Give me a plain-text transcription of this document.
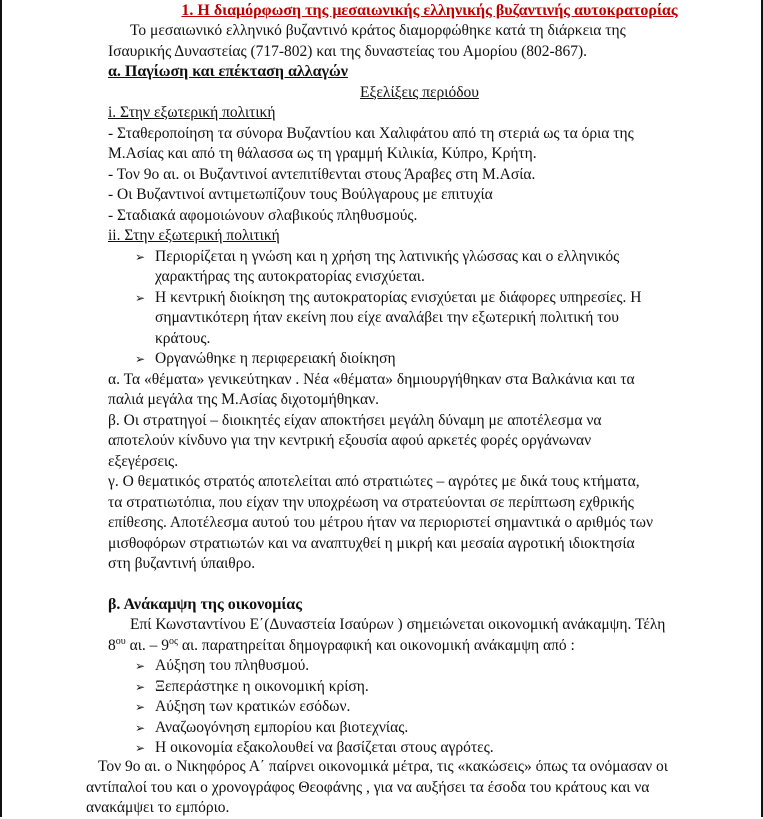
1. Η διαμόρφωση της μεσαιωνικής ελληνικής βυζαντινής αυτοκρατορίας

Το μεσαιωνικό ελληνικό βυζαντινό κράτος διαμορφώθηκε κατά τη διάρκεια της

Ισαυρικής Δυναστείας (717-802) και της δυναστείας του Αμορίου (802-867).

α. Παγίωση και επέκταση αλλαγών
Εξελίξεις περιόδου
i. Στην εξωτερική πολιτική

- Σταθεροποίηση τα σύνορα Βυζαντίου και Χαλιφάτου από τη στεριά ως τα όρια της

Μ.Ασίας και από τη θάλασσα ως τη γραμμή Κιλικία, Κύπρο, Κρήτη.

- Τον 9ο αι. οι Βυζαντινοί αντεπιτίθενται στους Άραβες στη Μ.Ασία.

- Οι Βυζαντινοί αντιμετωπίζουν τους Βούλγαρους με επιτυχία

- Σταδιακά αφομοιώνουν σλαβικούς πληθυσμούς.

ii. Στην εξωτερική πολιτική
➢ Περιορίζεται η γνώση και η χρήση της λατινικής γλώσσας και ο ελληνικός
χαρακτήρας της αυτοκρατορίας ενισχύεται.
➢ Η κεντρική διοίκηση της αυτοκρατορίας ενισχύεται με διάφορες υπηρεσίες. Η
σημαντικότερη ήταν εκείνη που είχε αναλάβει την εξωτερική πολιτική του
κράτους.
➢ Οργανώθηκε η περιφερειακή διοίκηση

α. Τα «θέματα» γενικεύτηκαν . Νέα «θέματα» δημιουργήθηκαν στα Βαλκάνια και τα

παλιά μεγάλα της Μ.Ασίας διχοτομήθηκαν.

β. Οι στρατηγοί – διοικητές είχαν αποκτήσει μεγάλη δύναμη με αποτέλεσμα να

αποτελούν κίνδυνο για την κεντρική εξουσία αφού αρκετές φορές οργάνωναν

εξεγέρσεις.

γ. Ο θεματικός στρατός αποτελείται από στρατιώτες – αγρότες με δικά τους κτήματα,

τα στρατιωτόπια, που είχαν την υποχρέωση να στρατεύονται σε περίπτωση εχθρικής

επίθεσης. Αποτέλεσμα αυτού του μέτρου ήταν να περιοριστεί σημαντικά ο αριθμός των

μισθοφόρων στρατιωτών και να αναπτυχθεί η μικρή και μεσαία αγροτική ιδιοκτησία

στη βυζαντινή ύπαιθρο.

β. Ανάκαμψη της οικονομίας

Επί Κωνσταντίνου Ε΄(Δυναστεία Ισαύρων ) σημειώνεται οικονομική ανάκαμψη. Τέλη

$8^{o\upsilon}$ αι. – $9^{o\varsigma}$ αι. παρατηρείται δημογραφική και οικονομική ανάκαμψη από :

➢ Αύξηση του πληθυσμού.
➢ Ξεπεράστηκε η οικονομική κρίση.
➢ Αύξηση των κρατικών εσόδων.
➢ Αναζωογόνηση εμπορίου και βιοτεχνίας.
➢ Η οικονομία εξακολουθεί να βασίζεται στους αγρότες.

Τον 9ο αι. ο Νικηφόρος Α΄ παίρνει οικονομικά μέτρα, τις «κακώσεις» όπως τα ονόμασαν οι

αντίπαλοί του και ο χρονογράφος Θεοφάνης , για να αυξήσει τα έσοδα του κράτους και να

ανακάμψει το εμπόριο.
